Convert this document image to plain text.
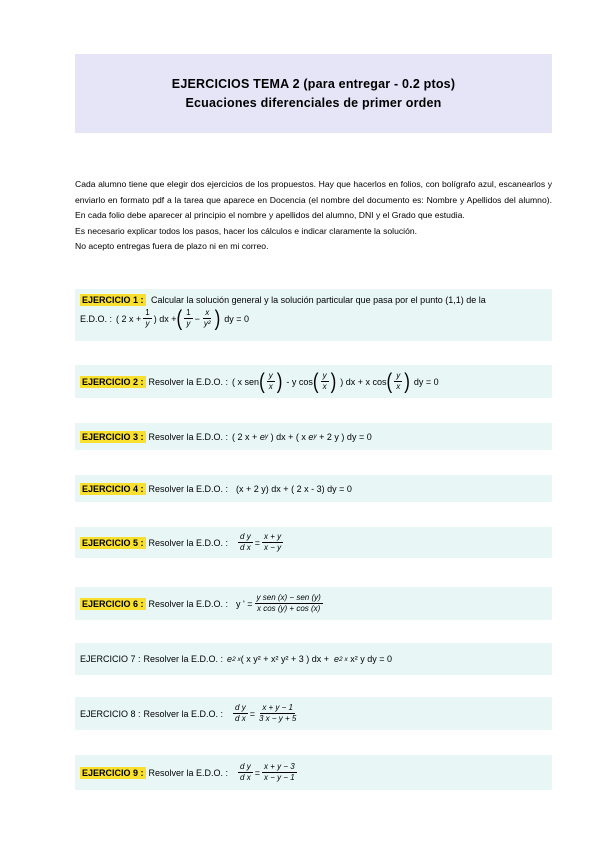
EJERCICIOS TEMA 2 (para entregar - 0.2 ptos)
Ecuaciones diferenciales de primer orden

Cada alumno tiene que elegir dos ejercicios de los propuestos. Hay que hacerlos en folios, con bolígrafo azul, escanearlos y enviarlo en formato pdf a la tarea que aparece en Docencia (el nombre del documento es: Nombre y Apellidos del alumno). En cada folio debe aparecer al principio el nombre y apellidos del alumno, DNI y el Grado que estudia.

Es necesario explicar todos los pasos, hacer los cálculos e indicar claramente la solución.

No acepto entregas fuera de plazo ni en mi correo.

EJERCICIO 1 : Calcular la solución general y la solución particular que pasa por el punto (1,1) de la
E.D.O. : ( 2 $x + \frac{1}{y}$ ) dx + ( $\frac{1}{y} - \frac{x}{\text{y²}}$ ) dy = 0
EJERCICIO 2 : Resolver la E.D.O. : ( x sen ( $\frac{y}{x}$ ) - y cos ( $\frac{y}{x}$ ) ) dx + x cos ( $\frac{y}{x}$ ) dy = 0
EJERCICIO 3 : Resolver la E.D.O. : ( 2 x +
e y
) dx + ( x
e y
+ 2 y ) dy = 0
EJERCICIO 4 : Resolver la E.D.O. : (x + 2 y) dx + ( 2 x - 3) dy = 0
EJERCICIO 5 : Resolver la E.D.O. : $\frac{\text{d y}}{\text{d x}} = \frac{x + y}{x - y}$
EJERCICIO 6 : Resolver la E.D.O. : y ' = $\frac{\text{y sen (x) − sen (y)}}{\text{x cos (y) + cos (x)}}$
EJERCICIO 7 : Resolver la E.D.O. : e 2 x ( x y² + x² y² + 3 ) dx +
e 2 x
x² y dy = 0
EJERCICIO 8 : Resolver la E.D.O. : $\frac{\text{d y}}{\text{d x}} = \frac{x + y - 1}{3 x - y + 5}$
EJERCICIO 9 : Resolver la E.D.O. : $\frac{\text{d y}}{\text{d x}} = \frac{x + y - 3}{x - y - 1}$
